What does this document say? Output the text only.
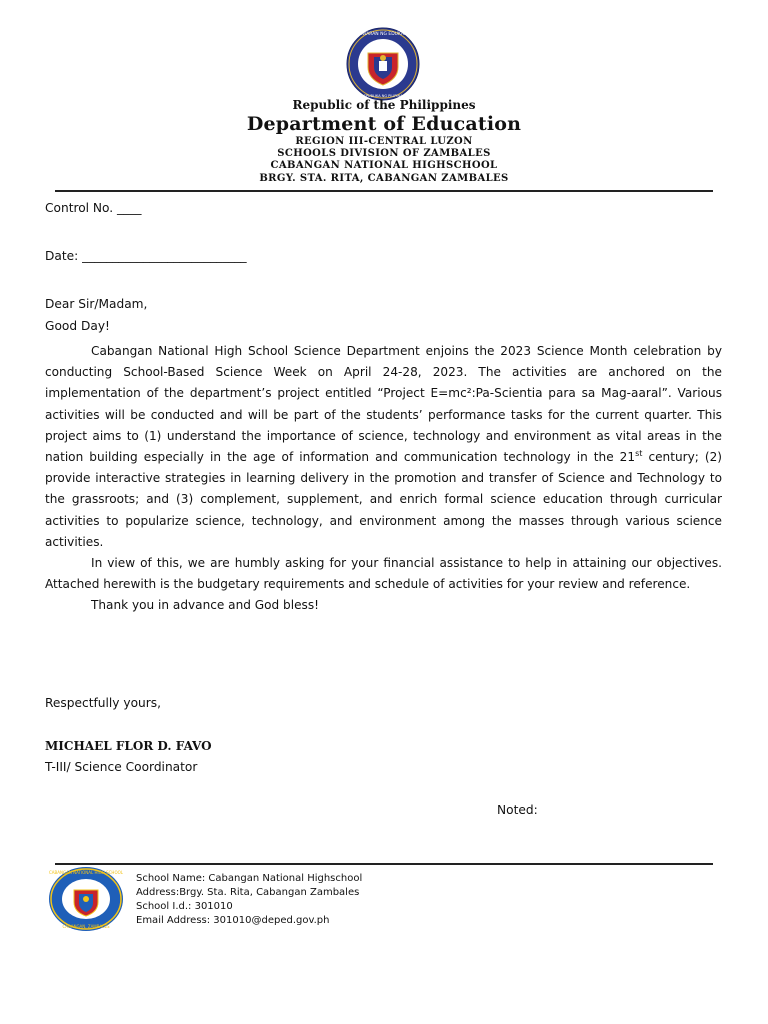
KAGAWARAN NG EDUKASYON
REPUBLIKA NG PILIPINAS
Republic of the Philippines
Department of Education
REGION III-CENTRAL LUZON
SCHOOLS DIVISION OF ZAMBALES
CABANGAN NATIONAL HIGHSCHOOL
BRGY. STA. RITA, CABANGAN ZAMBALES
Control No. ____
Date: ___________________________
Dear Sir/Madam,
Good Day!

Cabangan National High School Science Department enjoins the 2023 Science Month celebration by conducting School-Based Science Week on April 24-28, 2023. The activities are anchored on the implementation of the department’s project entitled “Project E=mc²:Pa-Scientia para sa Mag-aaral”. Various activities will be conducted and will be part of the students’ performance tasks for the current quarter. This project aims to (1) understand the importance of science, technology and environment as vital areas in the nation building especially in the age of information and communication technology in the 21st century; (2) provide interactive strategies in learning delivery in the promotion and transfer of Science and Technology to the grassroots; and (3) complement, supplement, and enrich formal science education through curricular activities to popularize science, technology, and environment among the masses through various science activities.

In view of this, we are humbly asking for your financial assistance to help in attaining our objectives. Attached herewith is the budgetary requirements and schedule of activities for your review and reference.

Thank you in advance and God bless!

Respectfully yours,
MICHAEL FLOR D. FAVO
T-III/ Science Coordinator
Noted:
CABANGAN NATIONAL HIGH SCHOOL
CABANGAN, ZAMBALES
School Name: Cabangan National Highschool
Address:Brgy. Sta. Rita, Cabangan Zambales
School I.d.: 301010
Email Address: 301010@deped.gov.ph
